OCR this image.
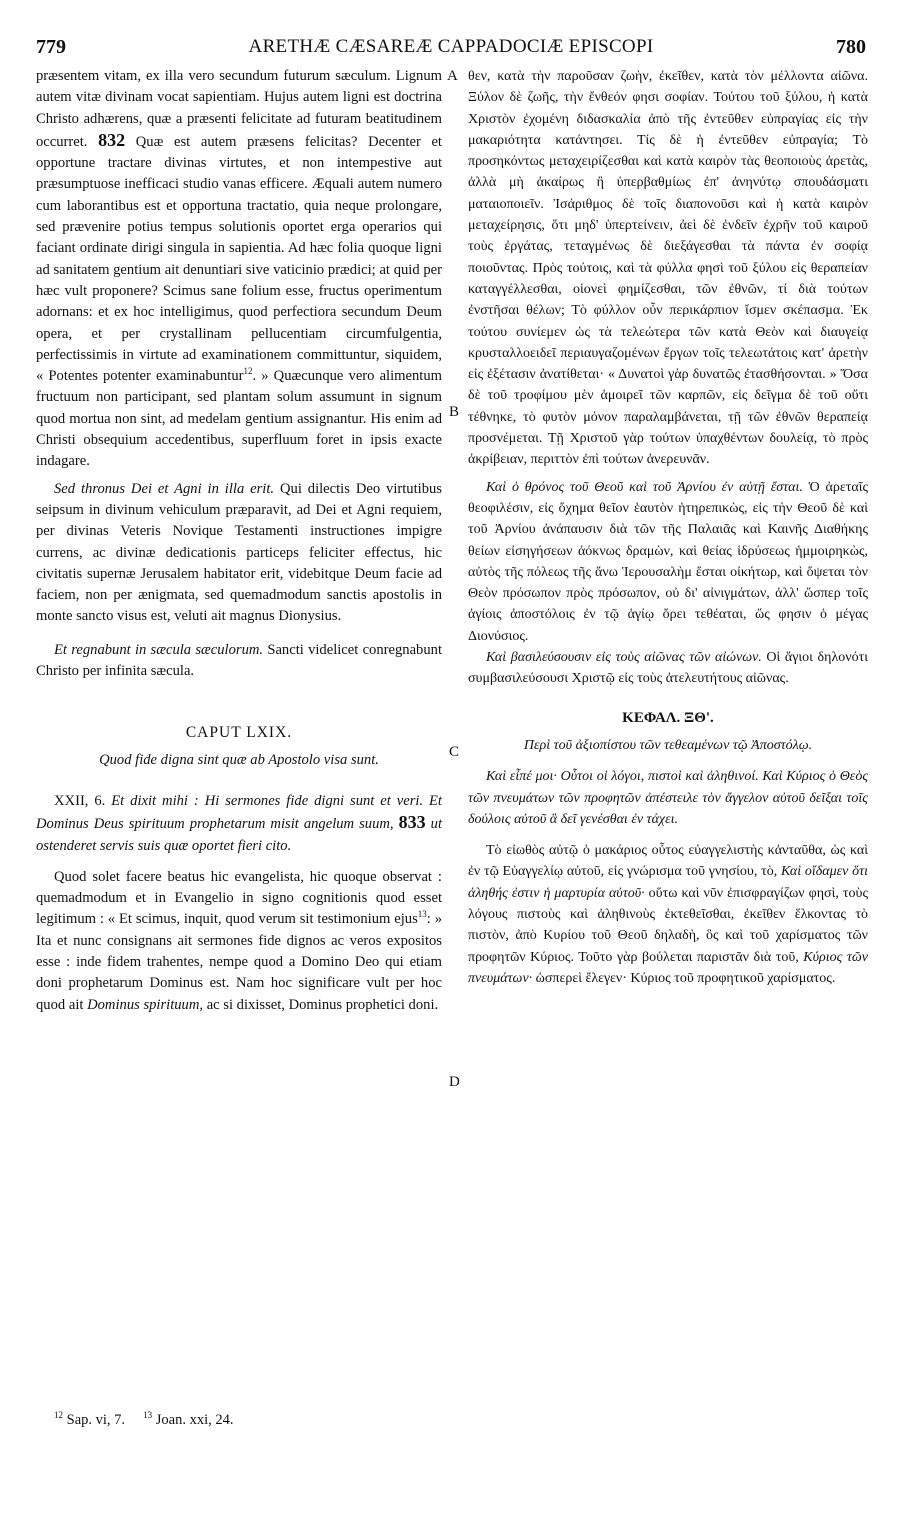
779	ARETHÆ CÆSAREÆ CAPPADOCIÆ EPISCOPI	780
A
B
C
D

præsentem vitam, ex illa vero secundum futurum sæculum. Lignum autem vitæ divinam vocat sapientiam. Hujus autem ligni est doctrina Christo adhærens, quæ a præsenti felicitate ad futuram beatitudinem occurret. 832 Quæ est autem præsens felicitas? Decenter et opportune tractare divinas virtutes, et non intempestive aut præsumptuose inefficaci studio vanas efficere. Æquali autem numero cum laborantibus est et opportuna tractatio, quia neque prolongare, sed prævenire potius tempus solutionis oportet erga operarios qui faciant ordinate dirigi singula in sapientia. Ad hæc folia quoque ligni ad sanitatem gentium ait denuntiari sive vaticinio prædici; at quid per hæc vult proponere? Scimus sane folium esse, fructus operimentum adornans: et ex hoc intelligimus, quod perfectiora secundum Deum opera, et per crystallinam pellucentiam circumfulgentia, perfectissimis in virtute ad examinationem committuntur, siquidem, « Potentes potenter examinabuntur$^{12}$. » Quæcunque vero alimentum fructuum non participant, sed plantam solum assumunt in signum quod mortua non sint, ad medelam gentium assignantur. His enim ad Christi obsequium accedentibus, superfluum foret in ipsis exacte indagare.

Sed thronus Dei et Agni in illa erit. Qui dilectis Deo virtutibus seipsum in divinum vehiculum præparavit, ad Dei et Agni requiem, per divinas Veteris Novique Testamenti instructiones impigre currens, ac divinæ dedicationis particeps feliciter effectus, hic civitatis supernæ Jerusalem habitator erit, videbitque Deum facie ad faciem, non per ænigmata, sed quemadmodum sanctis apostolis in monte sancto visus est, veluti ait magnus Dionysius.

Et regnabunt in sæcula sæculorum. Sancti videlicet conregnabunt Christo per infinita sæcula.

CAPUT LXIX.

Quod fide digna sint quæ ab Apostolo visa sunt.

XXII, 6. Et dixit mihi : Hi sermones fide digni sunt et veri. Et Dominus Deus spirituum prophetarum misit angelum suum, 833 ut ostenderet servis suis quæ oportet fieri cito.

Quod solet facere beatus hic evangelista, hic quoque observat : quemadmodum et in Evangelio in signo cognitionis quod esset legitimum : « Et scimus, inquit, quod verum sit testimonium ejus$^{13}$: » Ita et nunc consignans ait sermones fide dignos ac veros expositos esse : inde fidem trahentes, nempe quod a Domino Deo qui etiam doni prophetarum Dominus est. Nam hoc significare vult per hoc quod ait Dominus spirituum, ac si dixisset, Dominus prophetici doni.

θεν, κατὰ τὴν παροῦσαν ζωὴν, ἐκεῖθεν, κατὰ τὸν μέλλοντα αἰῶνα. Ξύλον δὲ ζωῆς, τὴν ἔνθεόν φησι σοφίαν. Τούτου τοῦ ξύλου, ἡ κατὰ Χριστὸν ἐχομένη διδασκαλία ἀπὸ τῆς ἐντεῦθεν εὐπραγίας εἰς τὴν μακαριότητα κατάντησει. Τίς δὲ ἡ ἐντεῦθεν εὐπραγία; Τὸ προσηκόντως μεταχειρίζεσθαι καὶ κατὰ καιρὸν τὰς θεοποιοὺς ἀρετὰς, ἀλλὰ μὴ ἀκαίρως ἢ ὑπερβαθμίως ἐπ' ἀνηνύτῳ σπουδάσματι ματαιοποιεῖν. Ἰσάριθμος δὲ τοῖς διαπονοῦσι καὶ ἡ κατὰ καιρὸν μεταχείρησις, ὅτι μηδ' ὑπερτείνειν, ἀεὶ δὲ ἐνδεῖν ἐχρῆν τοῦ καιροῦ τοὺς ἐργάτας, τεταγμένως δὲ διεξάγεσθαι τὰ πάντα ἐν σοφίᾳ ποιοῦντας. Πρὸς τούτοις, καὶ τὰ φύλλα φησὶ τοῦ ξύλου εἰς θεραπείαν καταγγέλλεσθαι, οἱονεὶ φημίζεσθαι, τῶν ἐθνῶν, τί διὰ τούτων ἐνστῆσαι θέλων; Τὸ φύλλον οὖν περικάρπιον ἴσμεν σκέπασμα. Ἐκ τούτου συνίεμεν ὡς τὰ τελεώτερα τῶν κατὰ Θεὸν καὶ διαυγείᾳ κρυσταλλοειδεῖ περιαυγαζομένων ἔργων τοῖς τελεωτάτοις κατ' ἀρετὴν εἰς ἐξέτασιν ἀνατίθεται· « Δυνατοὶ γὰρ δυνατῶς ἐτασθήσονται. » Ὅσα δὲ τοῦ τροφίμου μὲν ἀμοιρεῖ τῶν καρπῶν, εἰς δεῖγμα δὲ τοῦ οὔτι τέθνηκε, τὸ φυτὸν μόνον παραλαμβάνεται, τῇ τῶν ἐθνῶν θεραπείᾳ προσνέμεται. Τῇ Χριστοῦ γὰρ τούτων ὑπαχθέντων δουλείᾳ, τὸ πρὸς ἀκρίβειαν, περιττὸν ἐπὶ τούτων ἀνερευνᾶν.

Καὶ ὁ θρόνος τοῦ Θεοῦ καὶ τοῦ Ἀρνίου ἐν αὐτῇ ἔσται. Ὁ ἀρεταῖς θεοφιλέσιν, εἰς ὄχημα θεῖον ἑαυτὸν ἡτηρεπικὼς, εἰς τὴν Θεοῦ δὲ καὶ τοῦ Ἀρνίου ἀνάπαυσιν διὰ τῶν τῆς Παλαιᾶς καὶ Καινῆς Διαθήκης θείων εἰσηγήσεων ἀόκνως δραμὼν, καὶ θείας ἱδρύσεως ἡμμοιρηκὼς, αὐτὸς τῆς πόλεως τῆς ἄνω Ἱερουσαλὴμ ἔσται οἰκήτωρ, καὶ ὄψεται τὸν Θεὸν πρόσωπον πρὸς πρόσωπον, οὐ δι' αἰνιγμάτων, ἀλλ' ὥσπερ τοῖς ἁγίοις ἀποστόλοις ἐν τῷ ἁγίῳ ὄρει τεθέαται, ὥς φησιν ὁ μέγας Διονύσιος.

Καὶ βασιλεύσουσιν εἰς τοὺς αἰῶνας τῶν αἰώνων. Οἱ ἅγιοι δηλονότι συμβασιλεύσουσι Χριστῷ εἰς τοὺς ἀτελευτήτους αἰῶνας.

ΚΕΦΑΛ. ΞΘ'.

Περὶ τοῦ ἀξιοπίστου τῶν τεθεαμένων τῷ Ἀποστόλῳ.

Καὶ εἶπέ μοι· Οὗτοι οἱ λόγοι, πιστοὶ καὶ ἀληθινοί. Καὶ Κύριος ὁ Θεὸς τῶν πνευμάτων τῶν προφητῶν ἀπέστειλε τὸν ἄγγελον αὐτοῦ δεῖξαι τοῖς δούλοις αὐτοῦ ἃ δεῖ γενέσθαι ἐν τάχει.

Τὸ εἰωθὸς αὐτῷ ὁ μακάριος οὗτος εὐαγγελιστὴς κἀνταῦθα, ὡς καὶ ἐν τῷ Εὐαγγελίῳ αὐτοῦ, εἰς γνώρισμα τοῦ γνησίου, τὸ, Καὶ οἴδαμεν ὅτι ἀληθής ἐστιν ἡ μαρτυρία αὐτοῦ· οὕτω καὶ νῦν ἐπισφραγίζων φησὶ, τοὺς λόγους πιστοὺς καὶ ἀληθινοὺς ἐκτεθεῖσθαι, ἐκεῖθεν ἕλκοντας τὸ πιστὸν, ἀπὸ Κυρίου τοῦ Θεοῦ δηλαδὴ, ὃς καὶ τοῦ χαρίσματος τῶν προφητῶν Κύριος. Τοῦτο γὰρ βούλεται παριστᾶν διὰ τοῦ, Κύριος τῶν πνευμάτων· ὡσπερεὶ ἔλεγεν· Κύριος τοῦ προφητικοῦ χαρίσματος.

$^{12}$ Sap. vi, 7. $^{13}$ Joan. xxi, 24.
